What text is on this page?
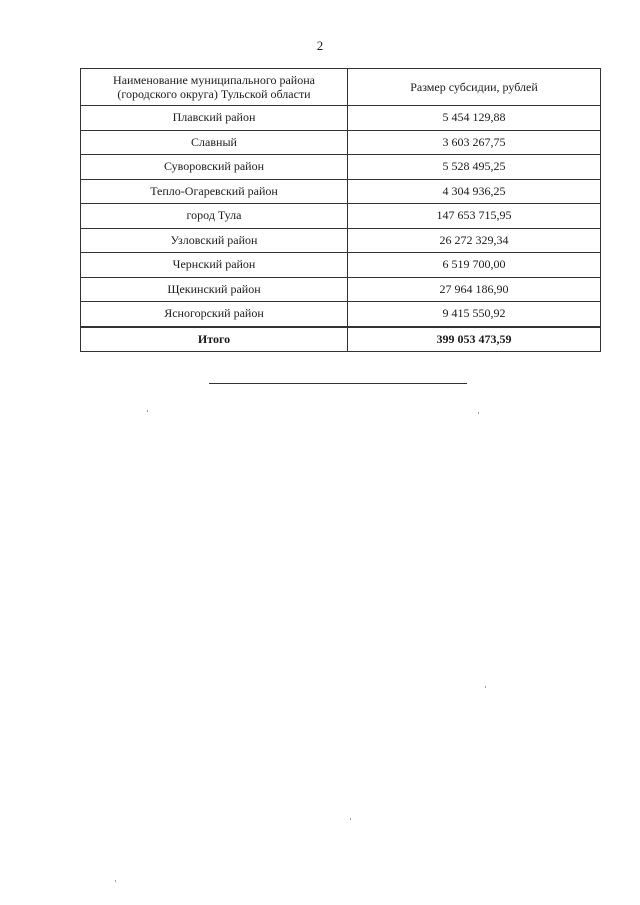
2
Наименование муниципального района (городского округа) Тульской области	Размер субсидии, рублей
Плавский район	5 454 129,88
Славный	3 603 267,75
Суворовский район	5 528 495,25
Тепло-Огаревский район	4 304 936,25
город Тула	147 653 715,95
Узловский район	26 272 329,34
Чернский район	6 519 700,00
Щекинский район	27 964 186,90
Ясногорский район	9 415 550,92
Итого	399 053 473,59
